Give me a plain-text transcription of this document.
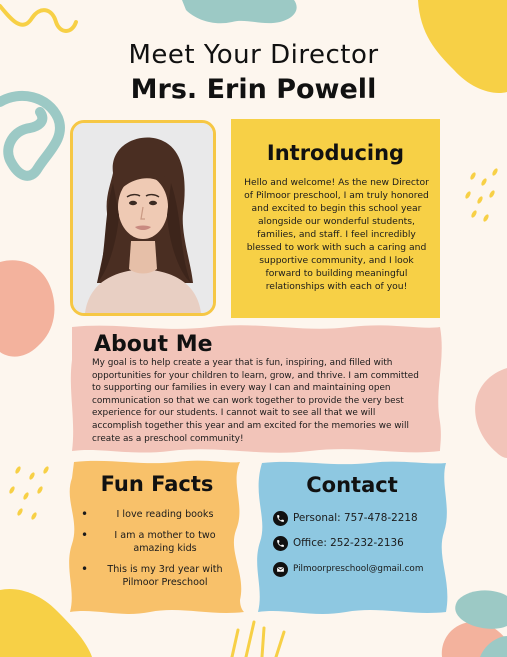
Meet Your Director
Mrs. Erin Powell
Introducing
Hello and welcome! As the new Director of Pilmoor preschool, I am truly honored and excited to begin this school year alongside our wonderful students, families, and staff. I feel incredibly blessed to work with such a caring and supportive community, and I look forward to building meaningful relationships with each of you!
About Me
My goal is to help create a year that is fun, inspiring, and filled with opportunities for your children to learn, grow, and thrive. I am committed to supporting our families in every way I can and maintaining open communication so that we can work together to provide the very best experience for our students. I cannot wait to see all that we will accomplish together this year and am excited for the memories we will create as a preschool community!
Fun Facts
• I love reading books
• I am a mother to two amazing kids
• This is my 3rd year with Pilmoor Preschool
Contact
Personal: 757-478-2218
Office: 252-232-2136
Pilmoorpreschool@gmail.com
